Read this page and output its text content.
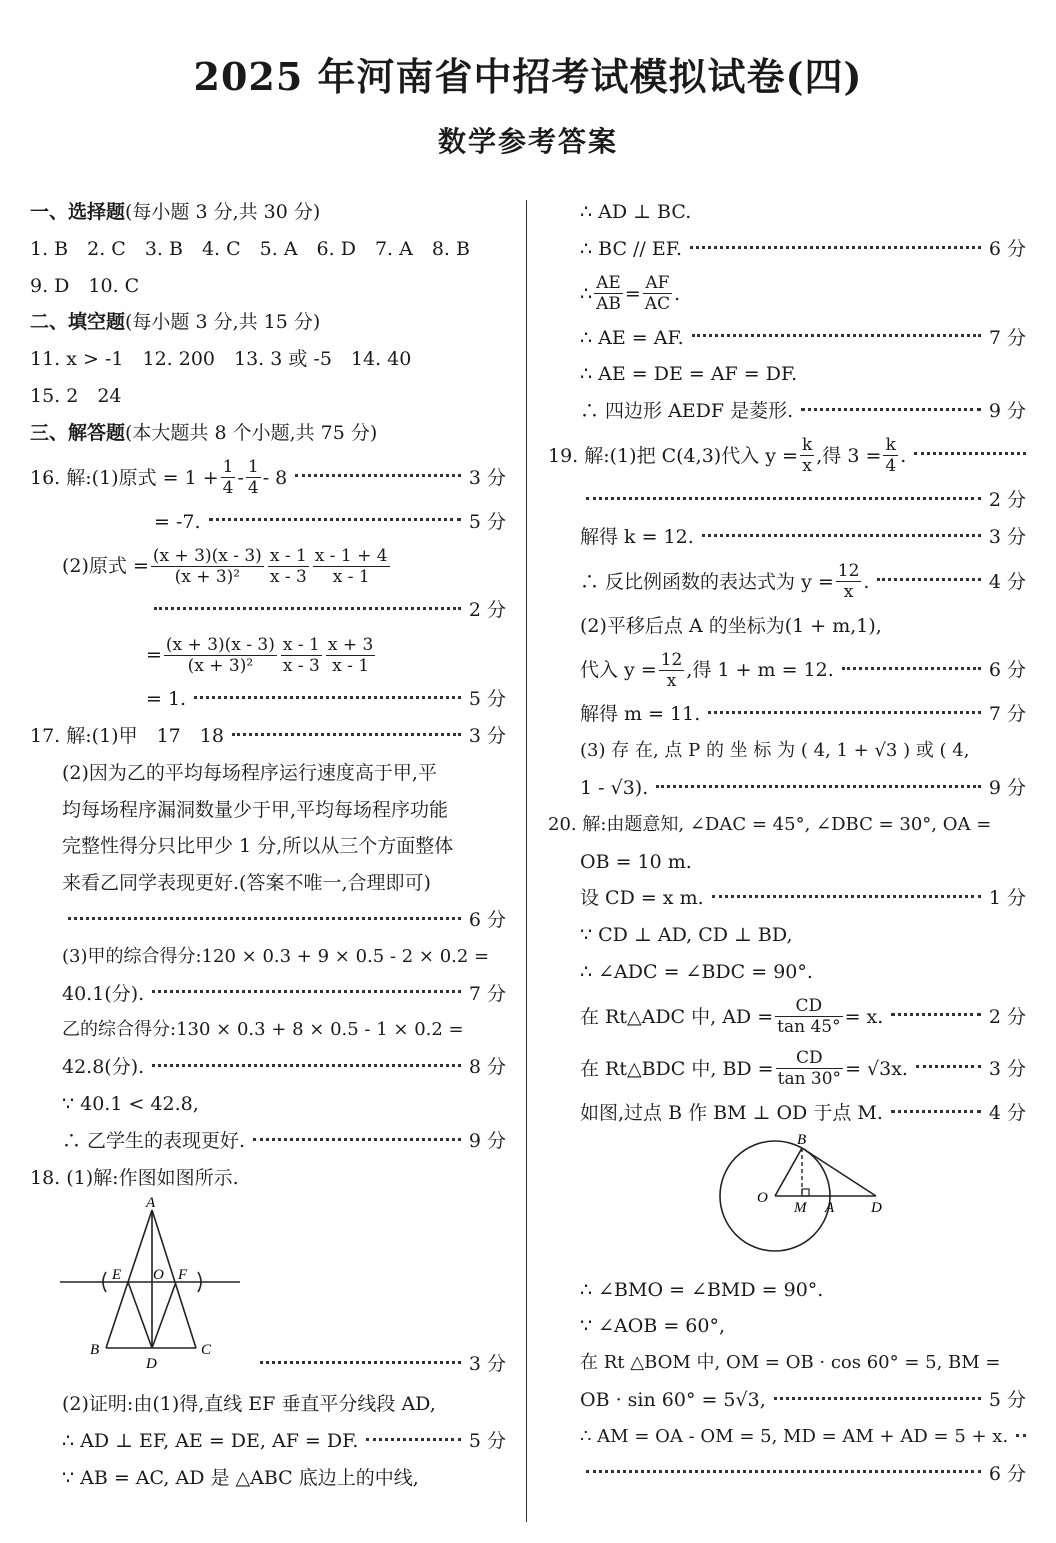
2025 年河南省中招考试模拟试卷(四)
数学参考答案
一、选择题 (每小题 3 分,共 30 分)
1. B　2. C　3. B　4. C　5. A　6. D　7. A　8. B
9. D　10. C
二、填空题 (每小题 3 分,共 15 分)
11. x > -1　12. 200　13. 3 或 -5　14. 40
15. 2　24
三、解答题 (本大题共 8 个小题,共 75 分)
16. 解:(1)原式 = $1 + \frac{1}{4} - \frac{1}{4} - 8$	3 分
= -7.	5 分
(2)原式 = $\frac{(x + 3)(x - 3)}{\text{(x + 3)²}} \frac{x - 1}{x - 3} \frac{x - 1 + 4}{x - 1}$
2 分
= $\frac{(x + 3)(x - 3)}{\text{(x + 3)²}} \frac{x - 1}{x - 3} \frac{x + 3}{x - 1}$
= 1.	5 分
17. 解:(1)甲　17　18	3 分
(2)因为乙的平均每场程序运行速度高于甲,平
均每场程序漏洞数量少于甲,平均每场程序功能
完整性得分只比甲少 1 分,所以从三个方面整体
来看乙同学表现更好.(答案不唯一,合理即可)
6 分
(3)甲的综合得分:120 × 0.3 + 9 × 0.5 - 2 × 0.2 =
40.1(分).	7 分
乙的综合得分:130 × 0.3 + 8 × 0.5 - 1 × 0.2 =
42.8(分).	8 分
∵ 40.1 < 42.8,
∴ 乙学生的表现更好.	9 分
18. (1)解:作图如图所示.
A
E O F
B
D
C
3 分
(2)证明:由(1)得,直线 EF 垂直平分线段 AD,
∴ AD ⊥ EF, AE = DE, AF = DF.	5 分
∵ AB = AC, AD 是 △ABC 底边上的中线,
∴ AD ⊥ BC.
∴ BC // EF.	6 分
∴ $\frac{AE}{AB} = \frac{AF}{AC}$ .
∴ AE = AF.	7 分
∴ AE = DE = AF = DF.
∴ 四边形 AEDF 是菱形.	9 分
19. 解:(1)把 C(4,3)代入 $y = \frac{k}{x}$ ,得 $3 = \frac{k}{4}$ .
2 分
解得 k = 12.	3 分
∴ 反比例函数的表达式为 $y = \frac{12}{x}$ .	4 分
(2)平移后点 A 的坐标为(1 + m,1),
代入 $y = \frac{12}{x}$ ,得 1 + m = 12.	6 分
解得 m = 11.	7 分
(3) 存 在, 点 P 的 坐 标 为 ( 4, 1 + √3 ) 或 ( 4,
1 - √3).	9 分
20. 解:由题意知, ∠DAC = 45°, ∠DBC = 30°, OA =
OB = 10 m.
设 CD = x m.	1 分
∵ CD ⊥ AD, CD ⊥ BD,
∴ ∠ADC = ∠BDC = 90°.
在 Rt△ADC 中, AD = $\frac{CD}{\tan 45^\circ} = x$.	2 分
在 Rt△BDC 中, BD = $\frac{CD}{\tan 30^\circ} = √3x$.	3 分
如图,过点 B 作 BM ⊥ OD 于点 M.	4 分
B
O
M A D
∴ ∠BMO = ∠BMD = 90°.
∵ ∠AOB = 60°,
在 Rt △BOM 中, OM = OB · cos 60° = 5, BM =
OB · sin 60° = 5√3,	5 分
∴ AM = OA - OM = 5, MD = AM + AD = 5 + x.
6 分
